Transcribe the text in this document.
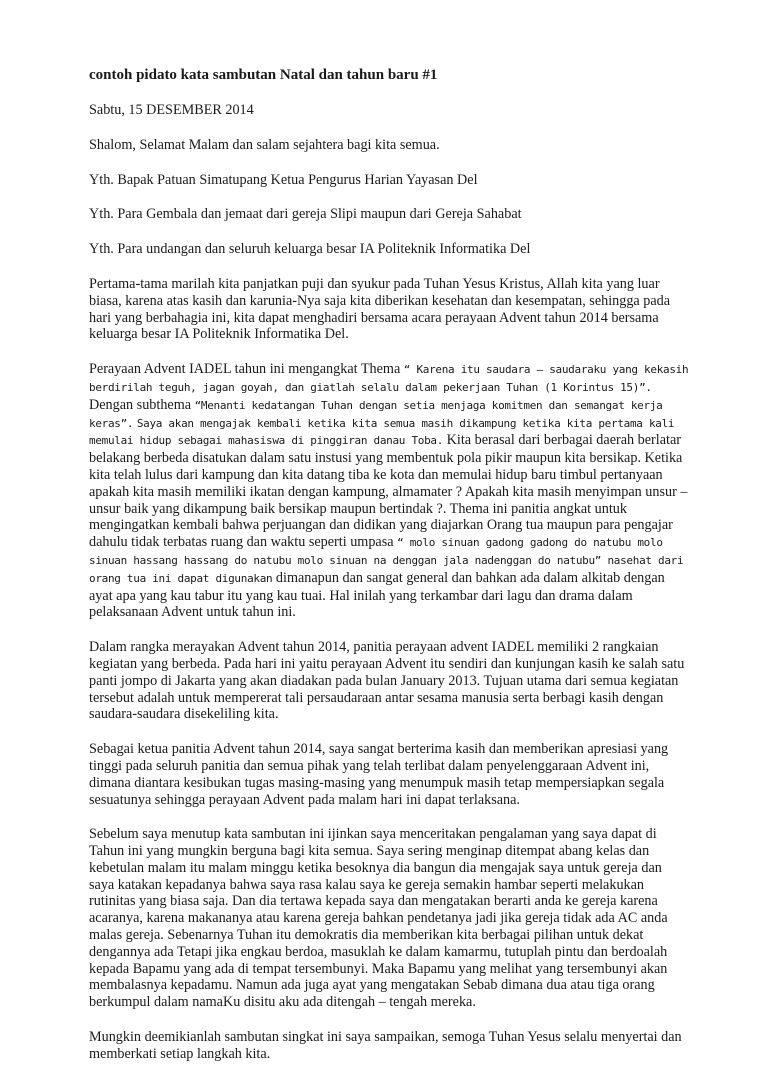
contoh pidato kata sambutan Natal dan tahun baru #1

Sabtu, 15 DESEMBER 2014

Shalom, Selamat Malam dan salam sejahtera bagi kita semua.

Yth. Bapak Patuan Simatupang Ketua Pengurus Harian Yayasan Del

Yth. Para Gembala dan jemaat dari gereja Slipi maupun dari Gereja Sahabat

Yth. Para undangan dan seluruh keluarga besar IA Politeknik Informatika Del

Pertama-tama marilah kita panjatkan puji dan syukur pada Tuhan Yesus Kristus, Allah kita yang luar biasa, karena atas kasih dan karunia-Nya saja kita diberikan kesehatan dan kesempatan, sehingga pada hari yang berbahagia ini, kita dapat menghadiri bersama acara perayaan Advent tahun 2014 bersama keluarga besar IA Politeknik Informatika Del.

Perayaan Advent IADEL tahun ini mengangkat Thema “ Karena itu saudara – saudaraku yang kekasih berdirilah teguh, jagan goyah, dan giatlah selalu dalam pekerjaan Tuhan (1 Korintus 15)”. Dengan subthema “Menanti kedatangan Tuhan dengan setia menjaga komitmen dan semangat kerja keras”. Saya akan mengajak kembali ketika kita semua masih dikampung ketika kita pertama kali memulai hidup sebagai mahasiswa di pinggiran danau Toba. Kita berasal dari berbagai daerah berlatar belakang berbeda disatukan dalam satu instusi yang membentuk pola pikir maupun kita bersikap. Ketika kita telah lulus dari kampung dan kita datang tiba ke kota dan memulai hidup baru timbul pertanyaan apakah kita masih memiliki ikatan dengan kampung, almamater ? Apakah kita masih menyimpan unsur – unsur baik yang dikampung baik bersikap maupun bertindak ?. Thema ini panitia angkat untuk mengingatkan kembali bahwa perjuangan dan didikan yang diajarkan Orang tua maupun para pengajar dahulu tidak terbatas ruang dan waktu seperti umpasa “ molo sinuan gadong gadong do natubu molo sinuan hassang hassang do natubu molo sinuan na denggan jala nadenggan do natubu” nasehat dari orang tua ini dapat digunakan dimanapun dan sangat general dan bahkan ada dalam alkitab dengan ayat apa yang kau tabur itu yang kau tuai. Hal inilah yang terkambar dari lagu dan drama dalam pelaksanaan Advent untuk tahun ini.

Dalam rangka merayakan Advent tahun 2014, panitia perayaan advent IADEL memiliki 2 rangkaian kegiatan yang berbeda. Pada hari ini yaitu perayaan Advent itu sendiri dan kunjungan kasih ke salah satu panti jompo di Jakarta yang akan diadakan pada bulan January 2013. Tujuan utama dari semua kegiatan tersebut adalah untuk mempererat tali persaudaraan antar sesama manusia serta berbagi kasih dengan saudara-saudara disekeliling kita.

Sebagai ketua panitia Advent tahun 2014, saya sangat berterima kasih dan memberikan apresiasi yang tinggi pada seluruh panitia dan semua pihak yang telah terlibat dalam penyelenggaraan Advent ini, dimana diantara kesibukan tugas masing-masing yang menumpuk masih tetap mempersiapkan segala sesuatunya sehingga perayaan Advent pada malam hari ini dapat terlaksana.

Sebelum saya menutup kata sambutan ini ijinkan saya menceritakan pengalaman yang saya dapat di Tahun ini yang mungkin berguna bagi kita semua. Saya sering menginap ditempat abang kelas dan kebetulan malam itu malam minggu ketika besoknya dia bangun dia mengajak saya untuk gereja dan saya katakan kepadanya bahwa saya rasa kalau saya ke gereja semakin hambar seperti melakukan rutinitas yang biasa saja. Dan dia tertawa kepada saya dan mengatakan berarti anda ke gereja karena acaranya, karena makananya atau karena gereja bahkan pendetanya jadi jika gereja tidak ada AC anda malas gereja. Sebenarnya Tuhan itu demokratis dia memberikan kita berbagai pilihan untuk dekat dengannya ada Tetapi jika engkau berdoa, masuklah ke dalam kamarmu, tutuplah pintu dan berdoalah kepada Bapamu yang ada di tempat tersembunyi. Maka Bapamu yang melihat yang tersembunyi akan membalasnya kepadamu. Namun ada juga ayat yang mengatakan Sebab dimana dua atau tiga orang berkumpul dalam namaKu disitu aku ada ditengah – tengah mereka.

Mungkin deemikianlah sambutan singkat ini saya sampaikan, semoga Tuhan Yesus selalu menyertai dan memberkati setiap langkah kita.
